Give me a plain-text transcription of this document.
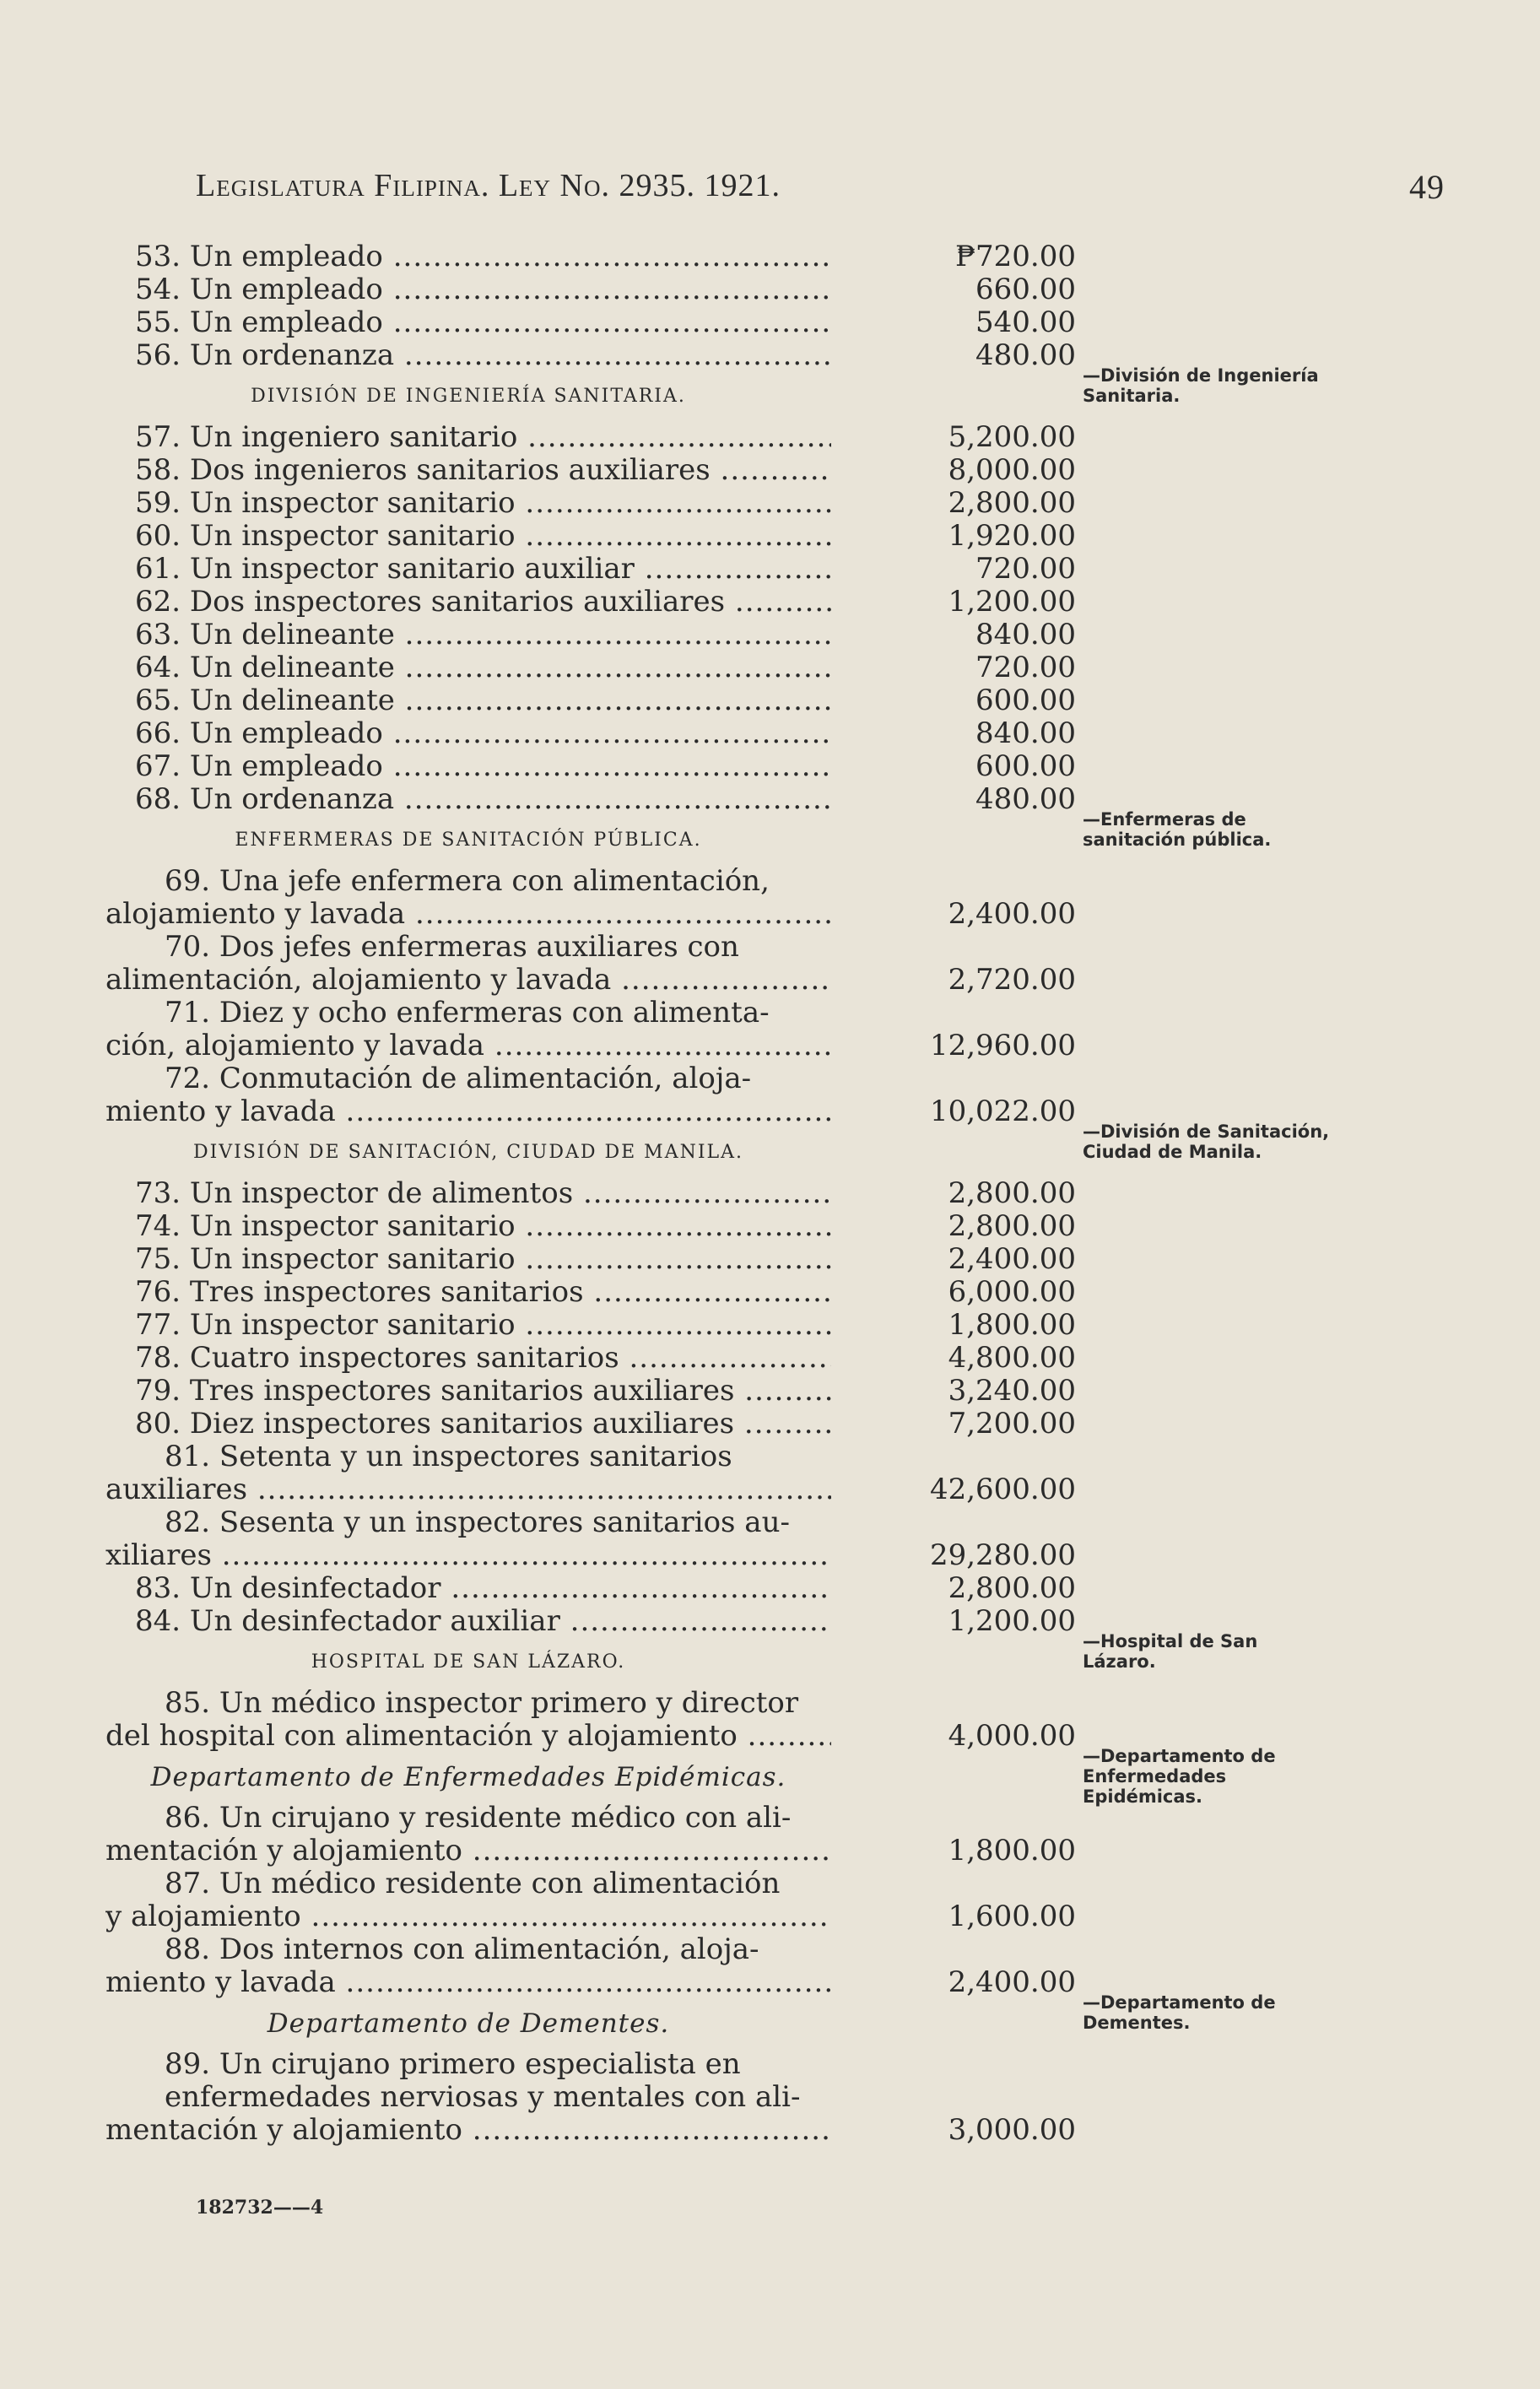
Legislatura Filipina. Ley No. 2935. 1921.	49
53. Un empleado .....	₱720.00
54. Un empleado .....	660.00
55. Un empleado .....	540.00
56. Un ordenanza .....	480.00
DIVISIÓN DE INGENIERÍA SANITARIA.
57. Un ingeniero sanitario .....	5,200.00
58. Dos ingenieros sanitarios auxiliares .....	8,000.00
59. Un inspector sanitario .....	2,800.00
60. Un inspector sanitario .....	1,920.00
61. Un inspector sanitario auxiliar .....	720.00
62. Dos inspectores sanitarios auxiliares .....	1,200.00
63. Un delineante .....	840.00
64. Un delineante .....	720.00
65. Un delineante .....	600.00
66. Un empleado .....	840.00
67. Un empleado .....	600.00
68. Un ordenanza .....	480.00
ENFERMERAS DE SANITACIÓN PÚBLICA.
69. Una jefe enfermera con alimentación,
alojamiento y lavada .....	2,400.00
70. Dos jefes enfermeras auxiliares con
alimentación, alojamiento y lavada .....	2,720.00
71. Diez y ocho enfermeras con alimenta-
ción, alojamiento y lavada .....	12,960.00
72. Conmutación de alimentación, aloja-
miento y lavada .....	10,022.00
DIVISIÓN DE SANITACIÓN, CIUDAD DE MANILA.
73. Un inspector de alimentos .....	2,800.00
74. Un inspector sanitario .....	2,800.00
75. Un inspector sanitario .....	2,400.00
76. Tres inspectores sanitarios .....	6,000.00
77. Un inspector sanitario .....	1,800.00
78. Cuatro inspectores sanitarios .....	4,800.00
79. Tres inspectores sanitarios auxiliares .....	3,240.00
80. Diez inspectores sanitarios auxiliares .....	7,200.00
81. Setenta y un inspectores sanitarios
auxiliares .....	42,600.00
82. Sesenta y un inspectores sanitarios au-
xiliares .....	29,280.00
83. Un desinfectador .....	2,800.00
84. Un desinfectador auxiliar .....	1,200.00
HOSPITAL DE SAN LÁZARO.
85. Un médico inspector primero y director
del hospital con alimentación y alojamiento .....	4,000.00
Departamento de Enfermedades Epidémicas.
86. Un cirujano y residente médico con ali-
mentación y alojamiento .....	1,800.00
87. Un médico residente con alimentación
y alojamiento .....	1,600.00
88. Dos internos con alimentación, aloja-
miento y lavada .....	2,400.00
Departamento de Dementes.
89. Un cirujano primero especialista en
enfermedades nerviosas y mentales con ali-
mentación y alojamiento .....	3,000.00
—División de Ingeniería Sanitaria.
—Enfermeras de sanitación pública.
—División de Sanitación, Ciudad de Manila.
—Hospital de San Lázaro.
—Departamento de Enfermedades Epidémicas.
—Departamento de Dementes.
182732——4
